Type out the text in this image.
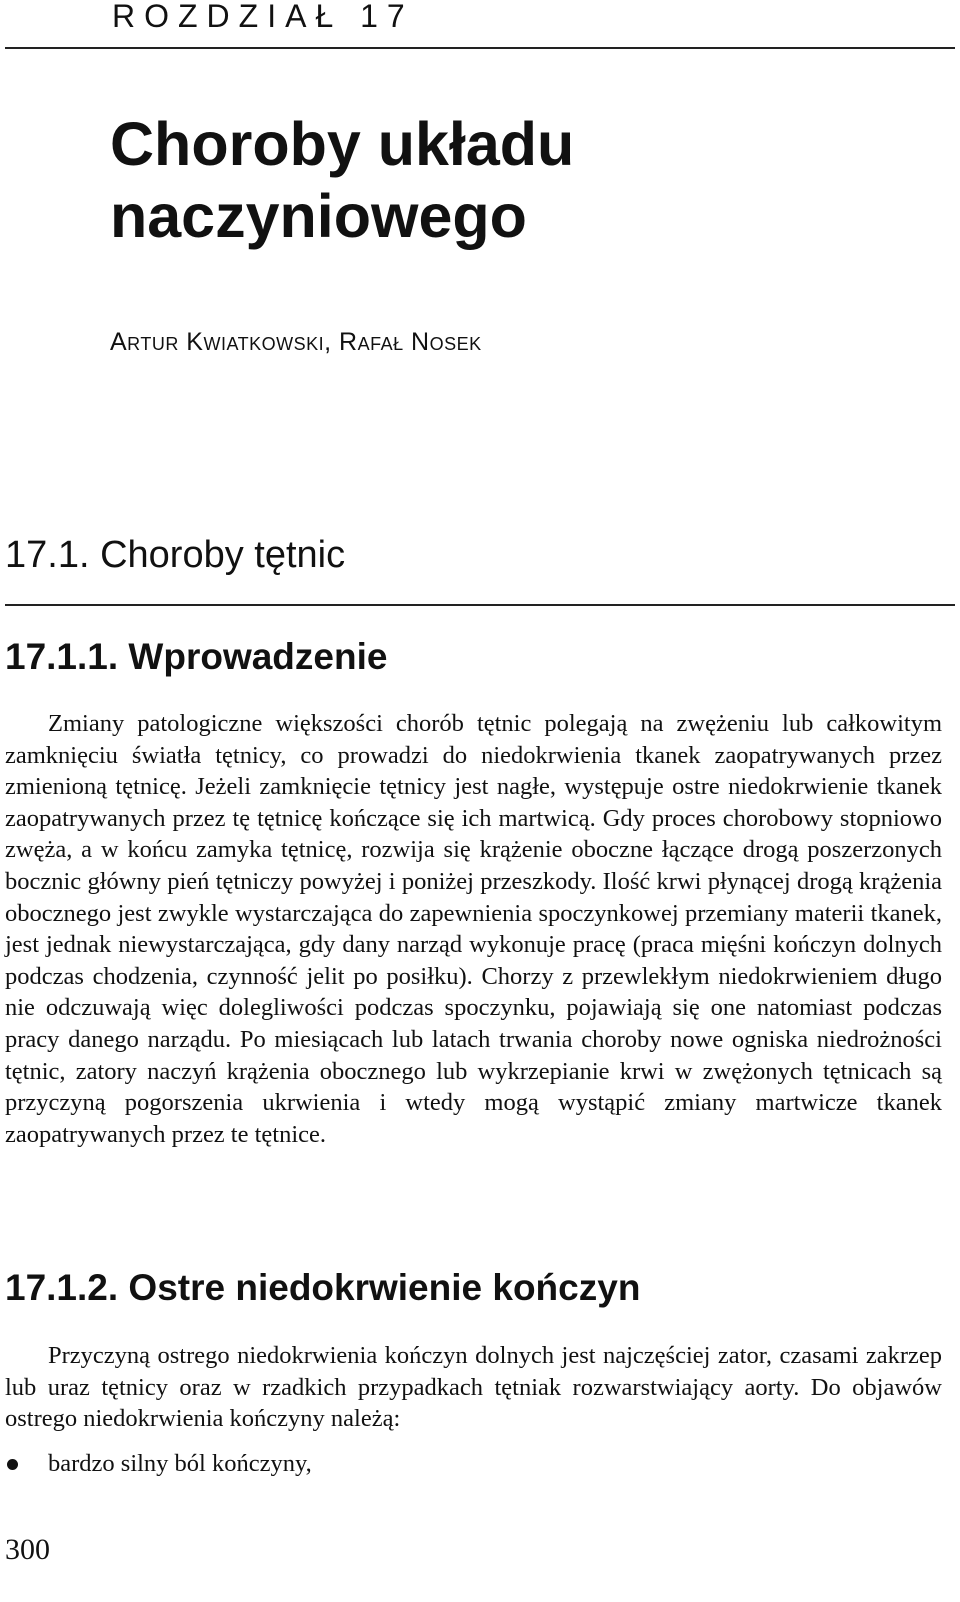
ROZDZIAŁ 17
Choroby układu
naczyniowego
Artur Kwiatkowski, Rafał Nosek
17.1. Choroby tętnic
17.1.1. Wprowadzenie

Zmiany patologiczne większości chorób tętnic polegają na zwężeniu lub całkowitym zamknięciu światła tętnicy, co prowadzi do niedokrwienia tkanek zaopatrywanych przez zmienioną tętnicę. Jeżeli zamknięcie tętnicy jest nagłe, występuje ostre niedokrwienie tkanek zaopatrywanych przez tę tętnicę kończące się ich martwicą. Gdy proces chorobowy stopniowo zwęża, a w końcu zamyka tętnicę, rozwija się krążenie oboczne łączące drogą poszerzonych bocznic główny pień tętniczy powyżej i poniżej przeszkody. Ilość krwi płynącej drogą krążenia obocznego jest zwykle wystarczająca do zapewnienia spoczynkowej przemiany materii tkanek, jest jednak niewystarczająca, gdy dany narząd wykonuje pracę (praca mięśni kończyn dolnych podczas chodzenia, czynność jelit po posiłku). Chorzy z przewlekłym niedokrwieniem długo nie odczuwają więc dolegliwości podczas spoczynku, pojawiają się one natomiast podczas pracy danego narządu. Po miesiącach lub latach trwania choroby nowe ogniska niedrożności tętnic, zatory naczyń krążenia obocznego lub wykrzepianie krwi w zwężonych tętnicach są przyczyną pogorszenia ukrwienia i wtedy mogą wystąpić zmiany martwicze tkanek zaopatrywanych przez te tętnice.

17.1.2. Ostre niedokrwienie kończyn

Przyczyną ostrego niedokrwienia kończyn dolnych jest najczęściej zator, czasami zakrzep lub uraz tętnicy oraz w rzadkich przypadkach tętniak rozwarstwiający aorty. Do objawów ostrego niedokrwienia kończyny należą:

bardzo silny ból kończyny,
300
